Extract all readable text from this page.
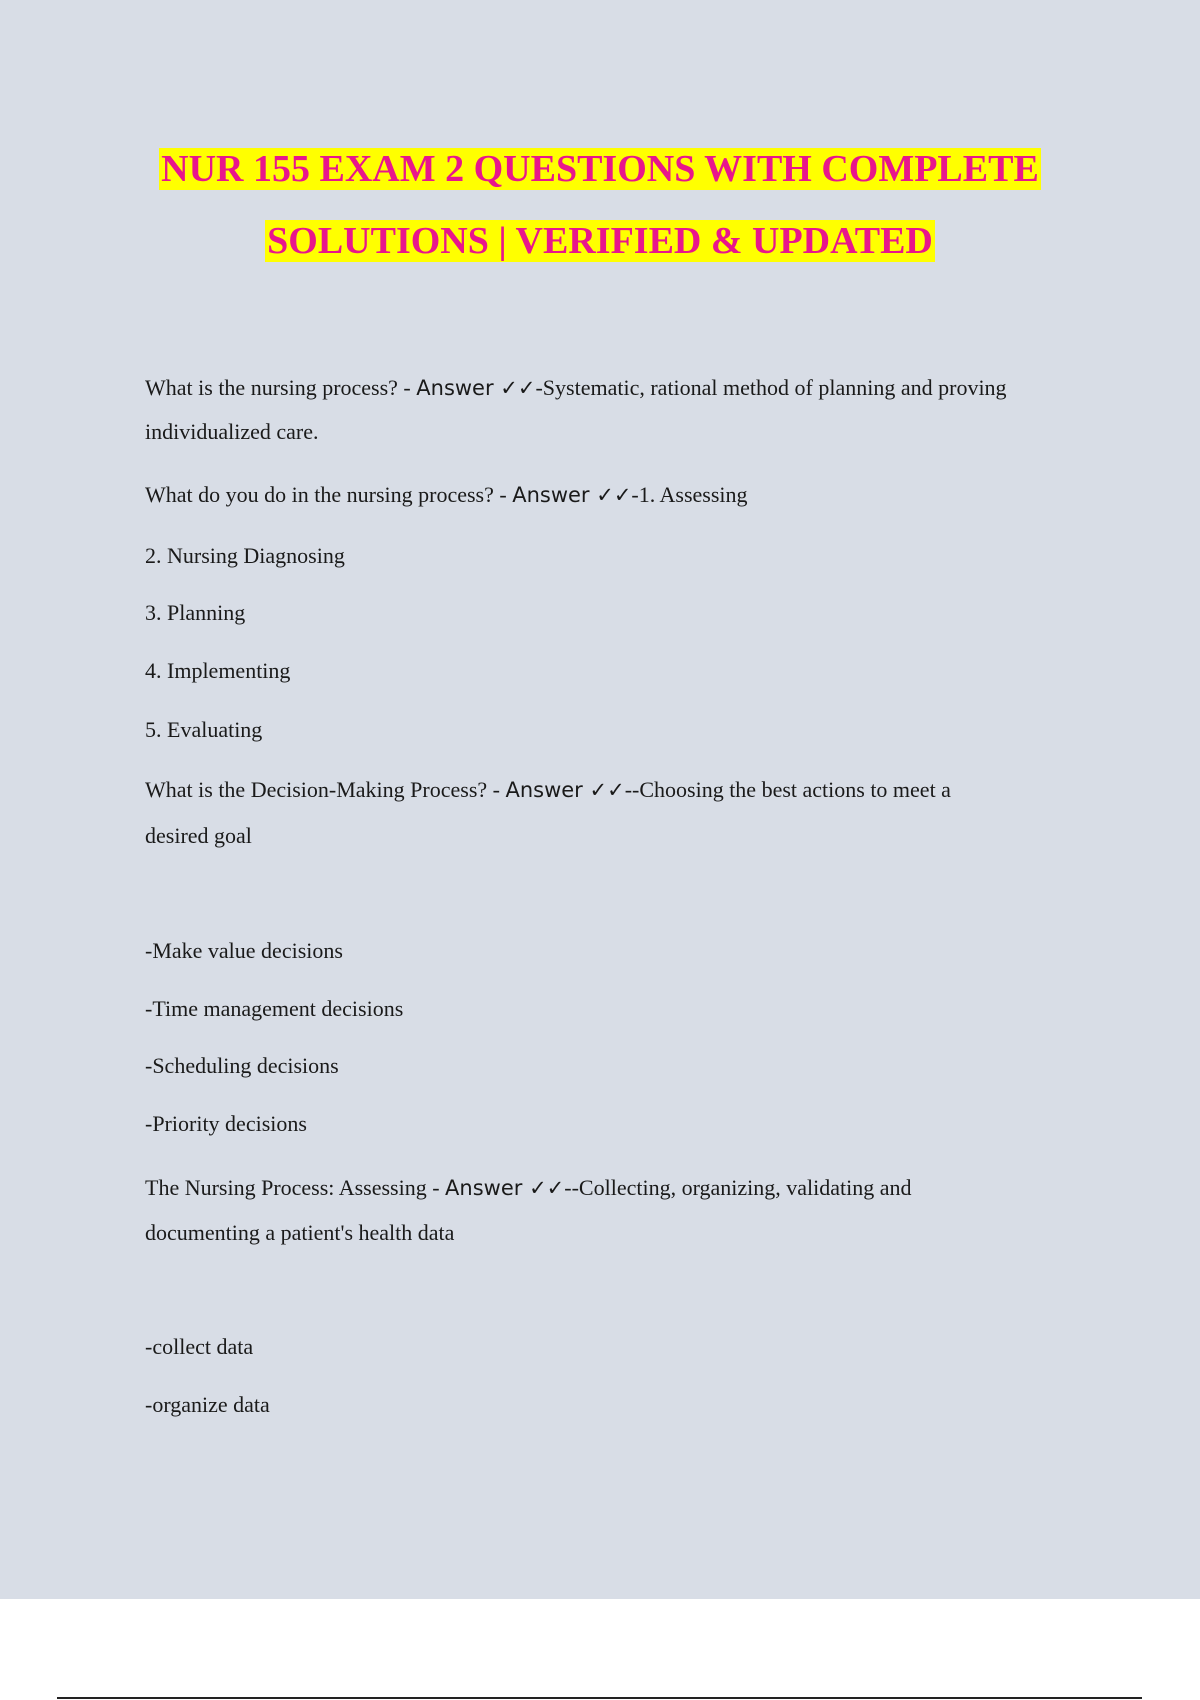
NUR 155 EXAM 2 QUESTIONS WITH COMPLETE
SOLUTIONS | VERIFIED & UPDATED
What is the nursing process? - Answer ✓✓-Systematic, rational method of planning and proving
individualized care.
What do you do in the nursing process? - Answer ✓✓-1. Assessing
2. Nursing Diagnosing
3. Planning
4. Implementing
5. Evaluating
What is the Decision-Making Process? - Answer ✓✓--Choosing the best actions to meet a
desired goal
-Make value decisions
-Time management decisions
-Scheduling decisions
-Priority decisions
The Nursing Process: Assessing - Answer ✓✓--Collecting, organizing, validating and
documenting a patient's health data
-collect data
-organize data
